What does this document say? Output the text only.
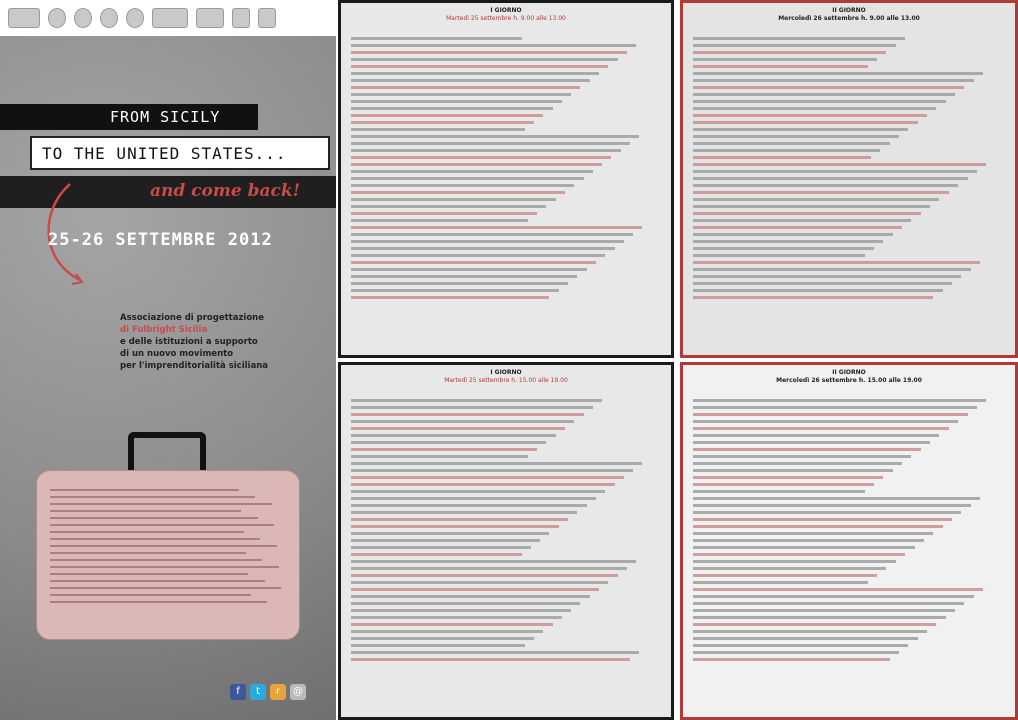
FROM SICILY
TO THE UNITED STATES...
and come back!
25-26 SETTEMBRE 2012
Associazione di progettazione
di Fulbright Sicilia
e delle istituzioni a supporto
di un nuovo movimento
per l'imprenditorialità siciliana
f	t	r	@
I GIORNO
Martedì 25 settembre h. 9.00 alle 13.00
II GIORNO
Mercoledì 26 settembre h. 9.00 alle 13.00
I GIORNO
Martedì 25 settembre h. 15.00 alle 19.00
II GIORNO
Mercoledì 26 settembre h. 15.00 alle 19.00
